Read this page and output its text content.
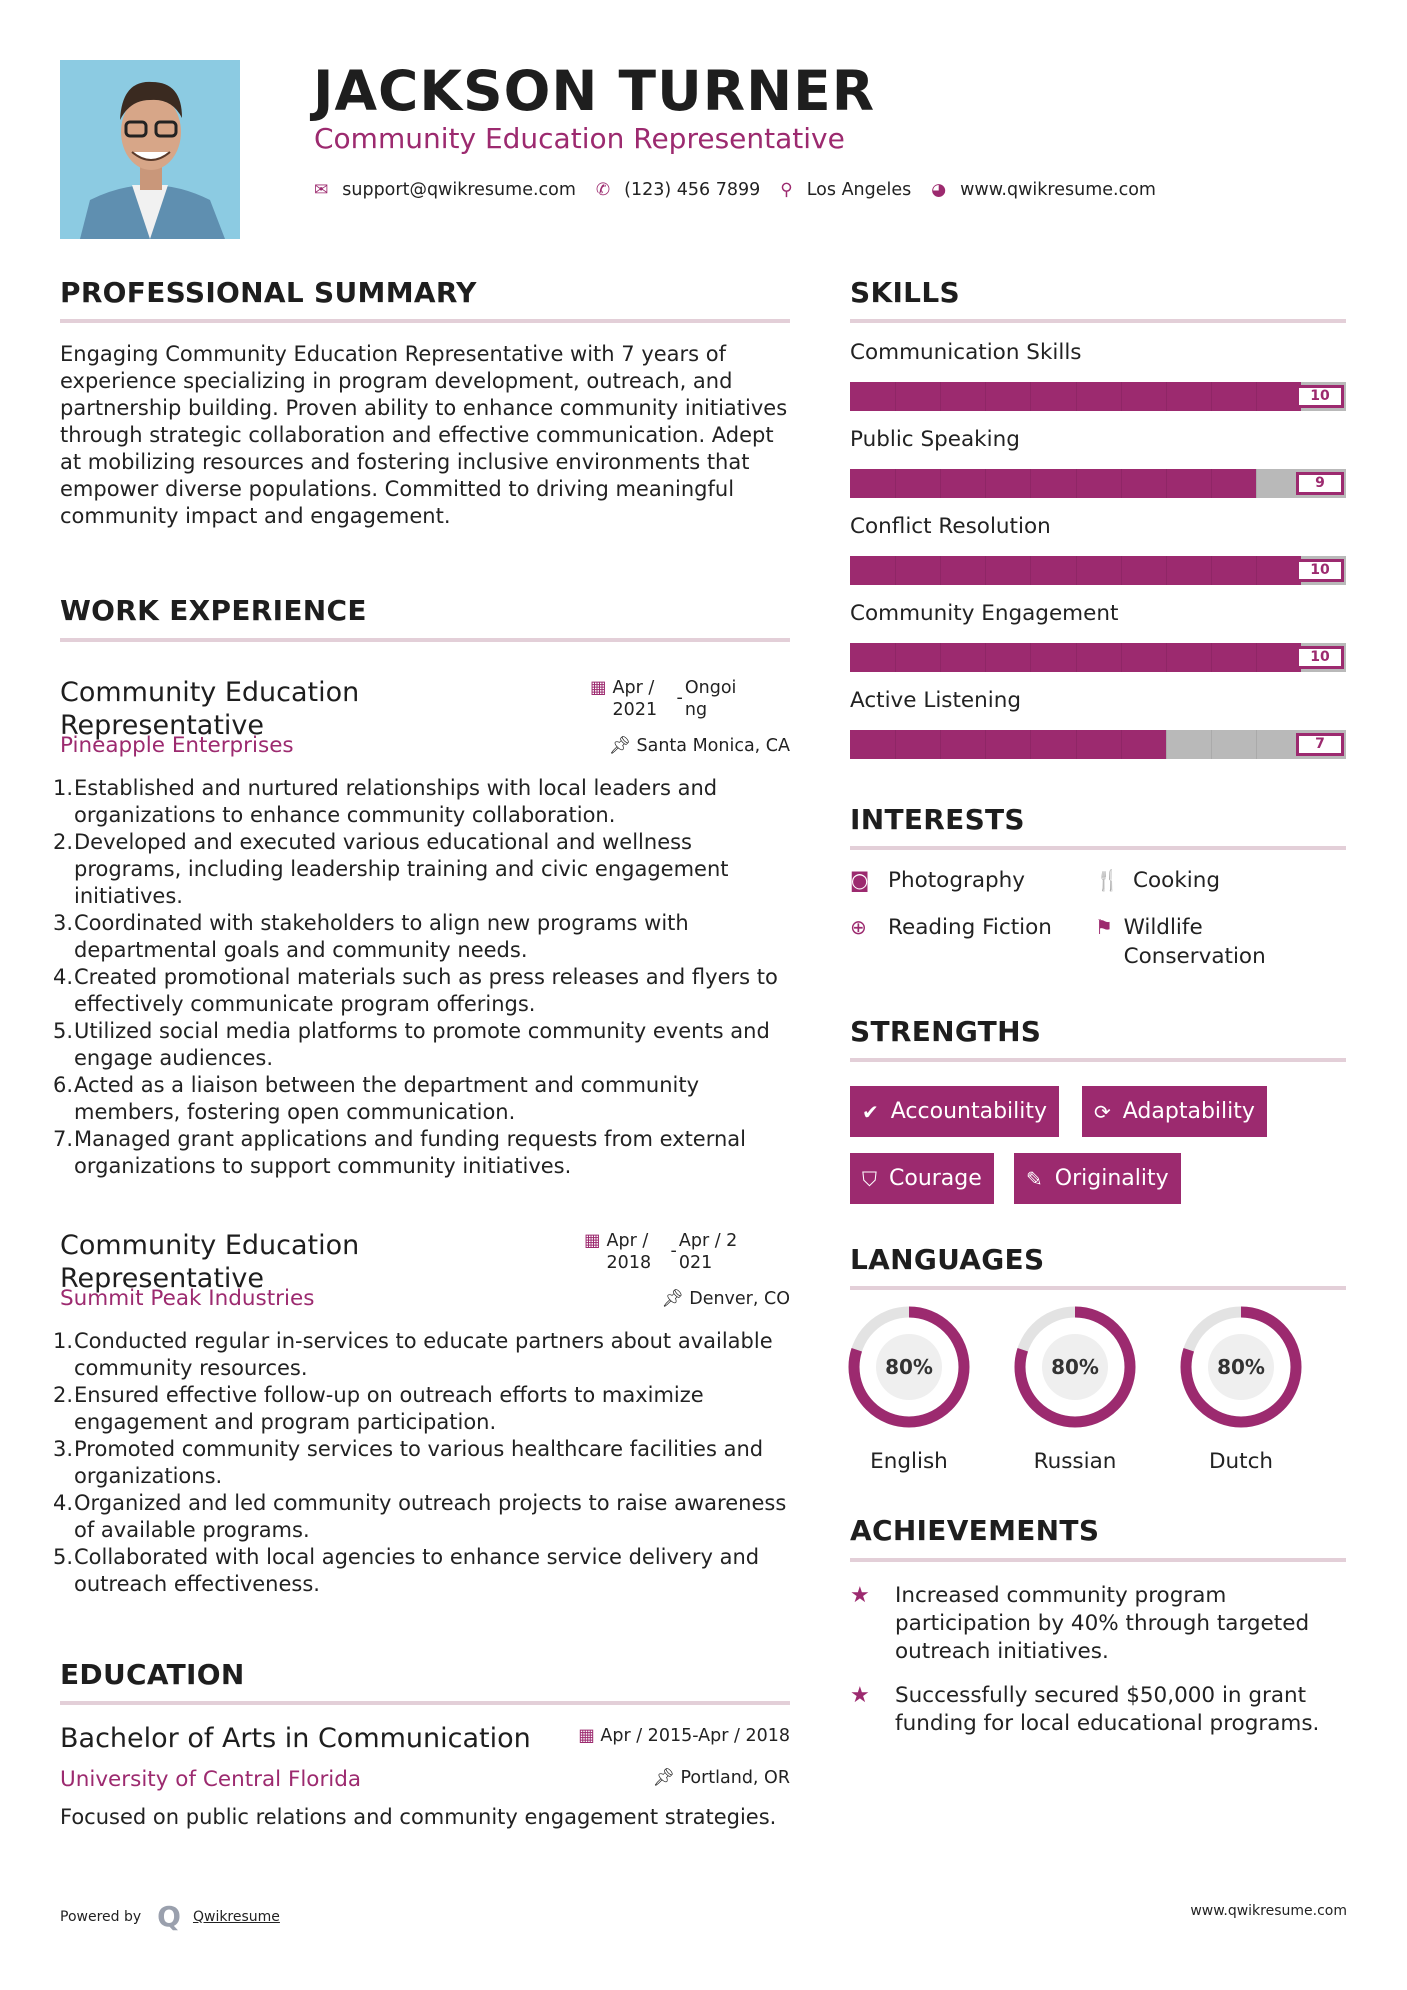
JACKSON TURNER
Community Education Representative
✉ support@qwikresume.com ✆ (123) 456 7899 ⚲ Los Angeles ◕ www.qwikresume.com
PROFESSIONAL SUMMARY
Engaging Community Education Representative with 7 years of experience specializing in program development, outreach, and partnership building. Proven ability to enhance community initiatives through strategic collaboration and effective communication. Adept at mobilizing resources and fostering inclusive environments that empower diverse populations. Committed to driving meaningful community impact and engagement.
WORK EXPERIENCE
Community Education Representative
▦ Apr / 2021
- Ongoing
Pineapple Enterprises	📌︎ Santa Monica, CA
Established and nurtured relationships with local leaders and organizations to enhance community collaboration.
Developed and executed various educational and wellness programs, including leadership training and civic engagement initiatives.
Coordinated with stakeholders to align new programs with departmental goals and community needs.
Created promotional materials such as press releases and flyers to effectively communicate program offerings.
Utilized social media platforms to promote community events and engage audiences.
Acted as a liaison between the department and community members, fostering open communication.
Managed grant applications and funding requests from external organizations to support community initiatives.
Community Education Representative
▦ Apr / 2018
- Apr / 2021
Summit Peak Industries	📌︎ Denver, CO
Conducted regular in-services to educate partners about available community resources.
Ensured effective follow-up on outreach efforts to maximize engagement and program participation.
Promoted community services to various healthcare facilities and organizations.
Organized and led community outreach projects to raise awareness of available programs.
Collaborated with local agencies to enhance service delivery and outreach effectiveness.
EDUCATION
Bachelor of Arts in Communication	▦ Apr / 2015-Apr / 2018
University of Central Florida	📌︎ Portland, OR
Focused on public relations and community engagement strategies.
SKILLS
Communication Skills
10
Public Speaking
9
Conflict Resolution
10
Community Engagement
10
Active Listening
7
INTERESTS
◙ Photography	🍴 Cooking
⊕ Reading Fiction ⚑ Wildlife Conservation
STRENGTHS
✔ Accountability ⟳ Adaptability
⛉ Courage ✎ Originality
LANGUAGES
80%
English
80%
Russian
80%
Dutch
ACHIEVEMENTS
★	Increased community program participation by 40% through targeted outreach initiatives.
★	Successfully secured $50,000 in grant funding for local educational programs.
Powered by Q Qwikresume	www.qwikresume.com
